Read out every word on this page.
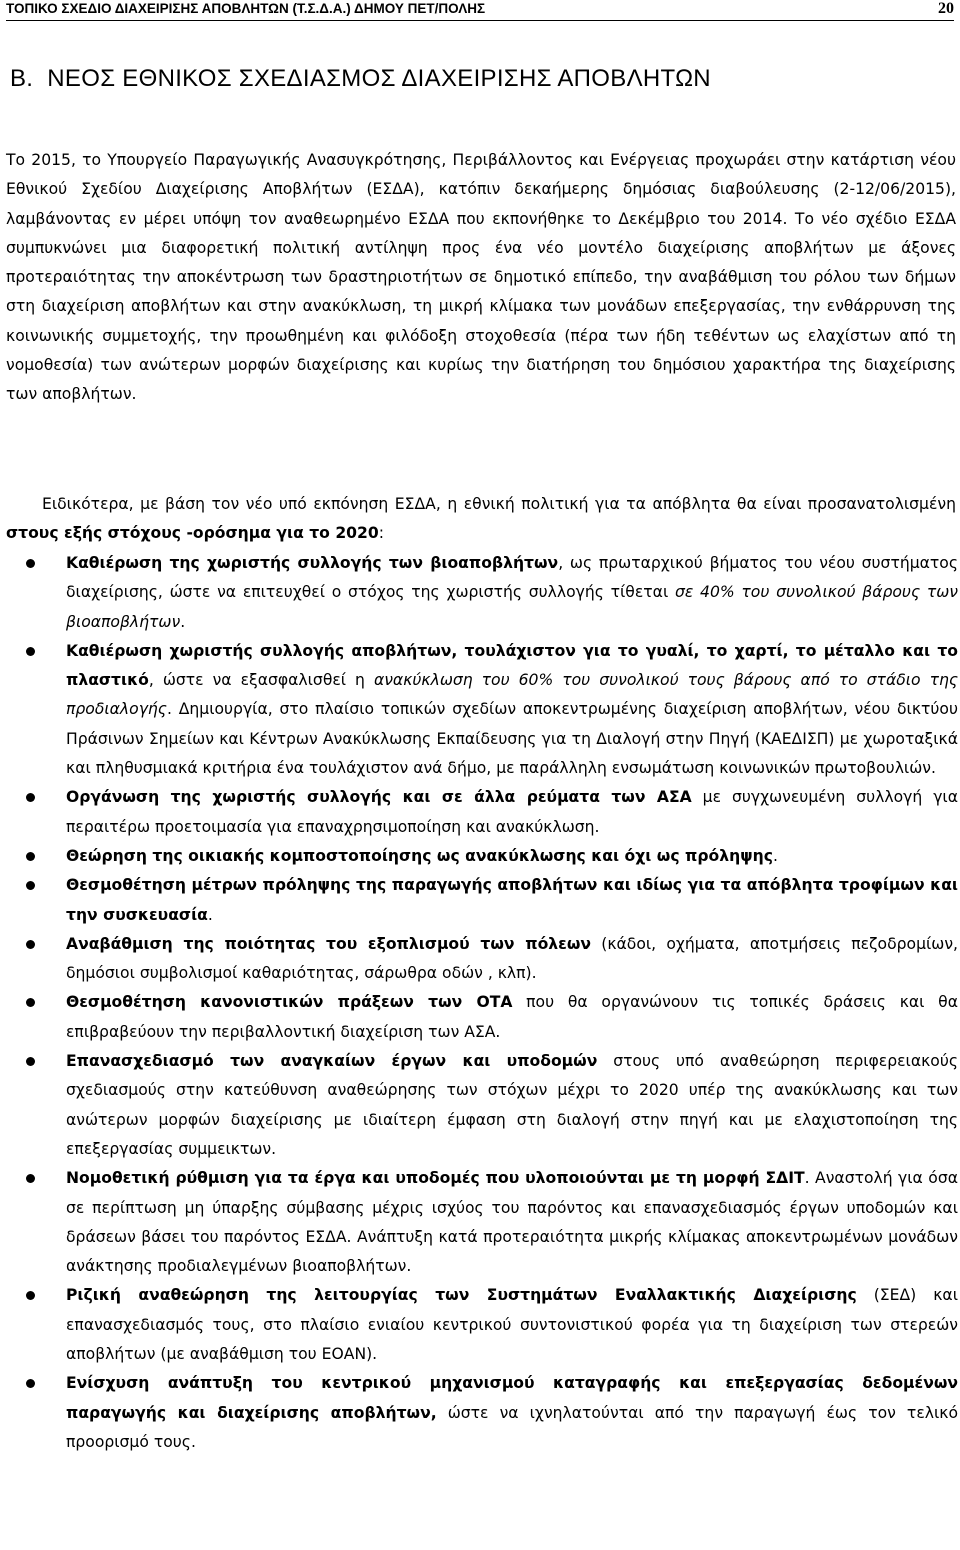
ΤΟΠΙΚΟ ΣΧΕΔΙΟ ΔΙΑΧΕΙΡΙΣΗΣ ΑΠΟΒΛΗΤΩΝ (Τ.Σ.Δ.Α.) ΔΗΜΟΥ ΠΕΤ/ΠΟΛΗΣ	20
Β. ΝΕΟΣ ΕΘΝΙΚΟΣ ΣΧΕΔΙΑΣΜΟΣ ΔΙΑΧΕΙΡΙΣΗΣ ΑΠΟΒΛΗΤΩΝ

Το 2015, το Υπουργείο Παραγωγικής Ανασυγκρότησης, Περιβάλλοντος και Ενέργειας προχωράει στην κατάρτιση νέου Εθνικού Σχεδίου Διαχείρισης Αποβλήτων (ΕΣΔΑ), κατόπιν δεκαήμερης δημόσιας διαβούλευσης (2-12/06/2015), λαμβάνοντας εν μέρει υπόψη τον αναθεωρημένο ΕΣΔΑ που εκπονήθηκε το Δεκέμβριο του 2014. Το νέο σχέδιο ΕΣΔΑ συμπυκνώνει μια διαφορετική πολιτική αντίληψη προς ένα νέο μοντέλο διαχείρισης αποβλήτων με άξονες προτεραιότητας την αποκέντρωση των δραστηριοτήτων σε δημοτικό επίπεδο, την αναβάθμιση του ρόλου των δήμων στη διαχείριση αποβλήτων και στην ανακύκλωση, τη μικρή κλίμακα των μονάδων επεξεργασίας, την ενθάρρυνση της κοινωνικής συμμετοχής, την προωθημένη και φιλόδοξη στοχοθεσία (πέρα των ήδη τεθέντων ως ελαχίστων από τη νομοθεσία) των ανώτερων μορφών διαχείρισης και κυρίως την διατήρηση του δημόσιου χαρακτήρα της διαχείρισης των αποβλήτων.

Ειδικότερα, με βάση τον νέο υπό εκπόνηση ΕΣΔΑ, η εθνική πολιτική για τα απόβλητα θα είναι προσανατολισμένη στους εξής στόχους -ορόσημα για το 2020:

Καθιέρωση της χωριστής συλλογής των βιοαποβλήτων, ως πρωταρχικού βήματος του νέου συστήματος διαχείρισης, ώστε να επιτευχθεί ο στόχος της χωριστής συλλογής τίθεται σε 40% του συνολικού βάρους των βιοαποβλήτων.
Καθιέρωση χωριστής συλλογής αποβλήτων, τουλάχιστον για το γυαλί, το χαρτί, το μέταλλο και το πλαστικό, ώστε να εξασφαλισθεί η ανακύκλωση του 60% του συνολικού τους βάρους από το στάδιο της προδιαλογής. Δημιουργία, στο πλαίσιο τοπικών σχεδίων αποκεντρωμένης διαχείριση αποβλήτων, νέου δικτύου Πράσινων Σημείων και Κέντρων Ανακύκλωσης Εκπαίδευσης για τη Διαλογή στην Πηγή (ΚΑΕΔΙΣΠ) με χωροταξικά και πληθυσμιακά κριτήρια ένα τουλάχιστον ανά δήμο, με παράλληλη ενσωμάτωση κοινωνικών πρωτοβουλιών.
Οργάνωση της χωριστής συλλογής και σε άλλα ρεύματα των ΑΣΑ με συγχωνευμένη συλλογή για περαιτέρω προετοιμασία για επαναχρησιμοποίηση και ανακύκλωση.
Θεώρηση της οικιακής κομποστοποίησης ως ανακύκλωσης και όχι ως πρόληψης.
Θεσμοθέτηση μέτρων πρόληψης της παραγωγής αποβλήτων και ιδίως για τα απόβλητα τροφίμων και την συσκευασία.
Αναβάθμιση της ποιότητας του εξοπλισμού των πόλεων (κάδοι, οχήματα, αποτμήσεις πεζοδρομίων, δημόσιοι συμβολισμοί καθαριότητας, σάρωθρα οδών , κλπ).
Θεσμοθέτηση κανονιστικών πράξεων των ΟΤΑ που θα οργανώνουν τις τοπικές δράσεις και θα επιβραβεύουν την περιβαλλοντική διαχείριση των ΑΣΑ.
Επανασχεδιασμό των αναγκαίων έργων και υποδομών στους υπό αναθεώρηση περιφερειακούς σχεδιασμούς στην κατεύθυνση αναθεώρησης των στόχων μέχρι το 2020 υπέρ της ανακύκλωσης και των ανώτερων μορφών διαχείρισης με ιδιαίτερη έμφαση στη διαλογή στην πηγή και με ελαχιστοποίηση της επεξεργασίας συμμεικτων.
Νομοθετική ρύθμιση για τα έργα και υποδομές που υλοποιούνται με τη μορφή ΣΔΙΤ. Αναστολή για όσα σε περίπτωση μη ύπαρξης σύμβασης μέχρις ισχύος του παρόντος και επανασχεδιασμός έργων υποδομών και δράσεων βάσει του παρόντος ΕΣΔΑ. Ανάπτυξη κατά προτεραιότητα μικρής κλίμακας αποκεντρωμένων μονάδων ανάκτησης προδιαλεγμένων βιοαποβλήτων.
Ριζική αναθεώρηση της λειτουργίας των Συστημάτων Εναλλακτικής Διαχείρισης (ΣΕΔ) και επανασχεδιασμός τους, στο πλαίσιο ενιαίου κεντρικού συντονιστικού φορέα για τη διαχείριση των στερεών αποβλήτων (με αναβάθμιση του ΕΟΑΝ).
Ενίσχυση ανάπτυξη του κεντρικού μηχανισμού καταγραφής και επεξεργασίας δεδομένων παραγωγής και διαχείρισης αποβλήτων, ώστε να ιχνηλατούνται από την παραγωγή έως τον τελικό προορισμό τους.
